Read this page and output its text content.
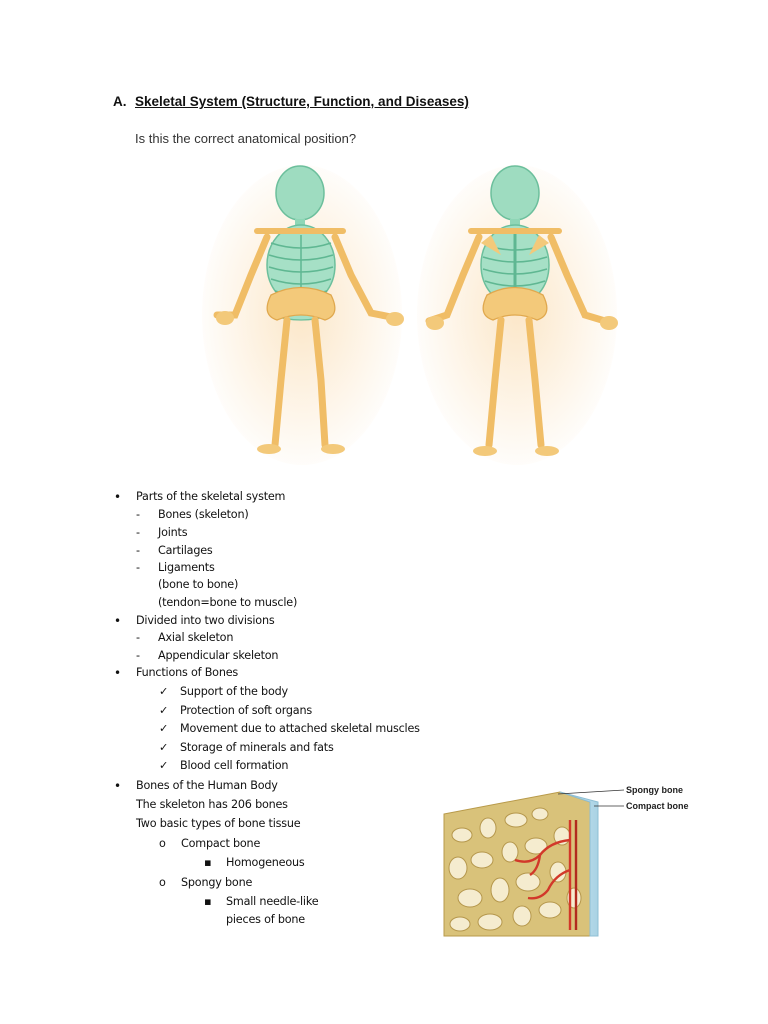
A. Skeletal System (Structure, Function, and Diseases)
Is this the correct anatomical position?
• Parts of the skeletal system
- Bones (skeleton)
- Joints
- Cartilages
- Ligaments
(bone to bone)
(tendon=bone to muscle)
• Divided into two divisions
- Axial skeleton
- Appendicular skeleton
• Functions of Bones
✓ Support of the body
✓ Protection of soft organs
✓ Movement due to attached skeletal muscles
✓ Storage of minerals and fats
✓ Blood cell formation
• Bones of the Human Body
The skeleton has 206 bones
Two basic types of bone tissue
o Compact bone
▪ Homogeneous
o Spongy bone
▪ Small needle-like
pieces of bone
Spongy bone
Compact bone
